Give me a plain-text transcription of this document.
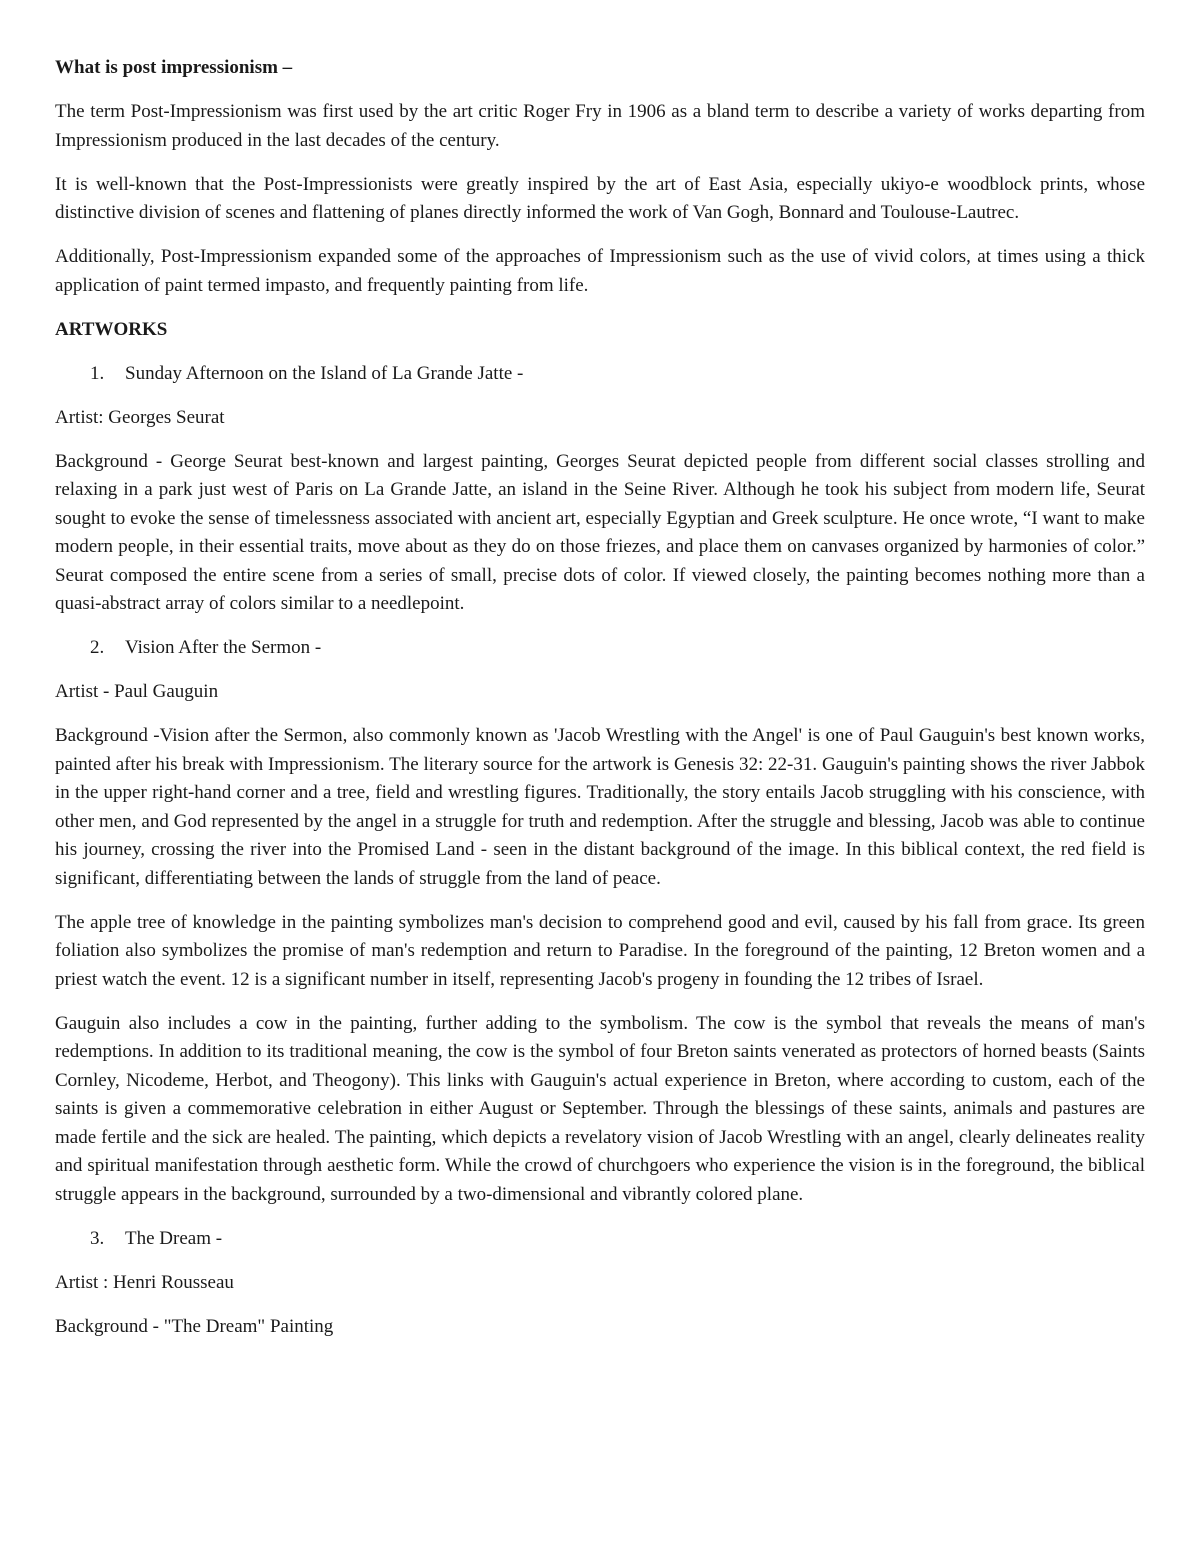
What is post impressionism –

The term Post-Impressionism was first used by the art critic Roger Fry in 1906 as a bland term to describe a variety of works departing from Impressionism produced in the last decades of the century.

It is well-known that the Post-Impressionists were greatly inspired by the art of East Asia, especially ukiyo-e woodblock prints, whose distinctive division of scenes and flattening of planes directly informed the work of Van Gogh, Bonnard and Toulouse-Lautrec.

Additionally, Post-Impressionism expanded some of the approaches of Impressionism such as the use of vivid colors, at times using a thick application of paint termed impasto, and frequently painting from life.

ARTWORKS

1.	Sunday Afternoon on the Island of La Grande Jatte -

Artist: Georges Seurat

Background - George Seurat best-known and largest painting, Georges Seurat depicted people from different social classes strolling and relaxing in a park just west of Paris on La Grande Jatte, an island in the Seine River. Although he took his subject from modern life, Seurat sought to evoke the sense of timelessness associated with ancient art, especially Egyptian and Greek sculpture. He once wrote, “I want to make modern people, in their essential traits, move about as they do on those friezes, and place them on canvases organized by harmonies of color.” Seurat composed the entire scene from a series of small, precise dots of color. If viewed closely, the painting becomes nothing more than a quasi-abstract array of colors similar to a needlepoint.

2.	Vision After the Sermon -

Artist - Paul Gauguin

Background -Vision after the Sermon, also commonly known as 'Jacob Wrestling with the Angel' is one of Paul Gauguin's best known works, painted after his break with Impressionism. The literary source for the artwork is Genesis 32: 22-31. Gauguin's painting shows the river Jabbok in the upper right-hand corner and a tree, field and wrestling figures. Traditionally, the story entails Jacob struggling with his conscience, with other men, and God represented by the angel in a struggle for truth and redemption. After the struggle and blessing, Jacob was able to continue his journey, crossing the river into the Promised Land - seen in the distant background of the image. In this biblical context, the red field is significant, differentiating between the lands of struggle from the land of peace.

The apple tree of knowledge in the painting symbolizes man's decision to comprehend good and evil, caused by his fall from grace. Its green foliation also symbolizes the promise of man's redemption and return to Paradise. In the foreground of the painting, 12 Breton women and a priest watch the event. 12 is a significant number in itself, representing Jacob's progeny in founding the 12 tribes of Israel.

Gauguin also includes a cow in the painting, further adding to the symbolism. The cow is the symbol that reveals the means of man's redemptions. In addition to its traditional meaning, the cow is the symbol of four Breton saints venerated as protectors of horned beasts (Saints Cornley, Nicodeme, Herbot, and Theogony). This links with Gauguin's actual experience in Breton, where according to custom, each of the saints is given a commemorative celebration in either August or September. Through the blessings of these saints, animals and pastures are made fertile and the sick are healed. The painting, which depicts a revelatory vision of Jacob Wrestling with an angel, clearly delineates reality and spiritual manifestation through aesthetic form. While the crowd of churchgoers who experience the vision is in the foreground, the biblical struggle appears in the background, surrounded by a two-dimensional and vibrantly colored plane.

3.	The Dream -

Artist : Henri Rousseau

Background - "The Dream" Painting
